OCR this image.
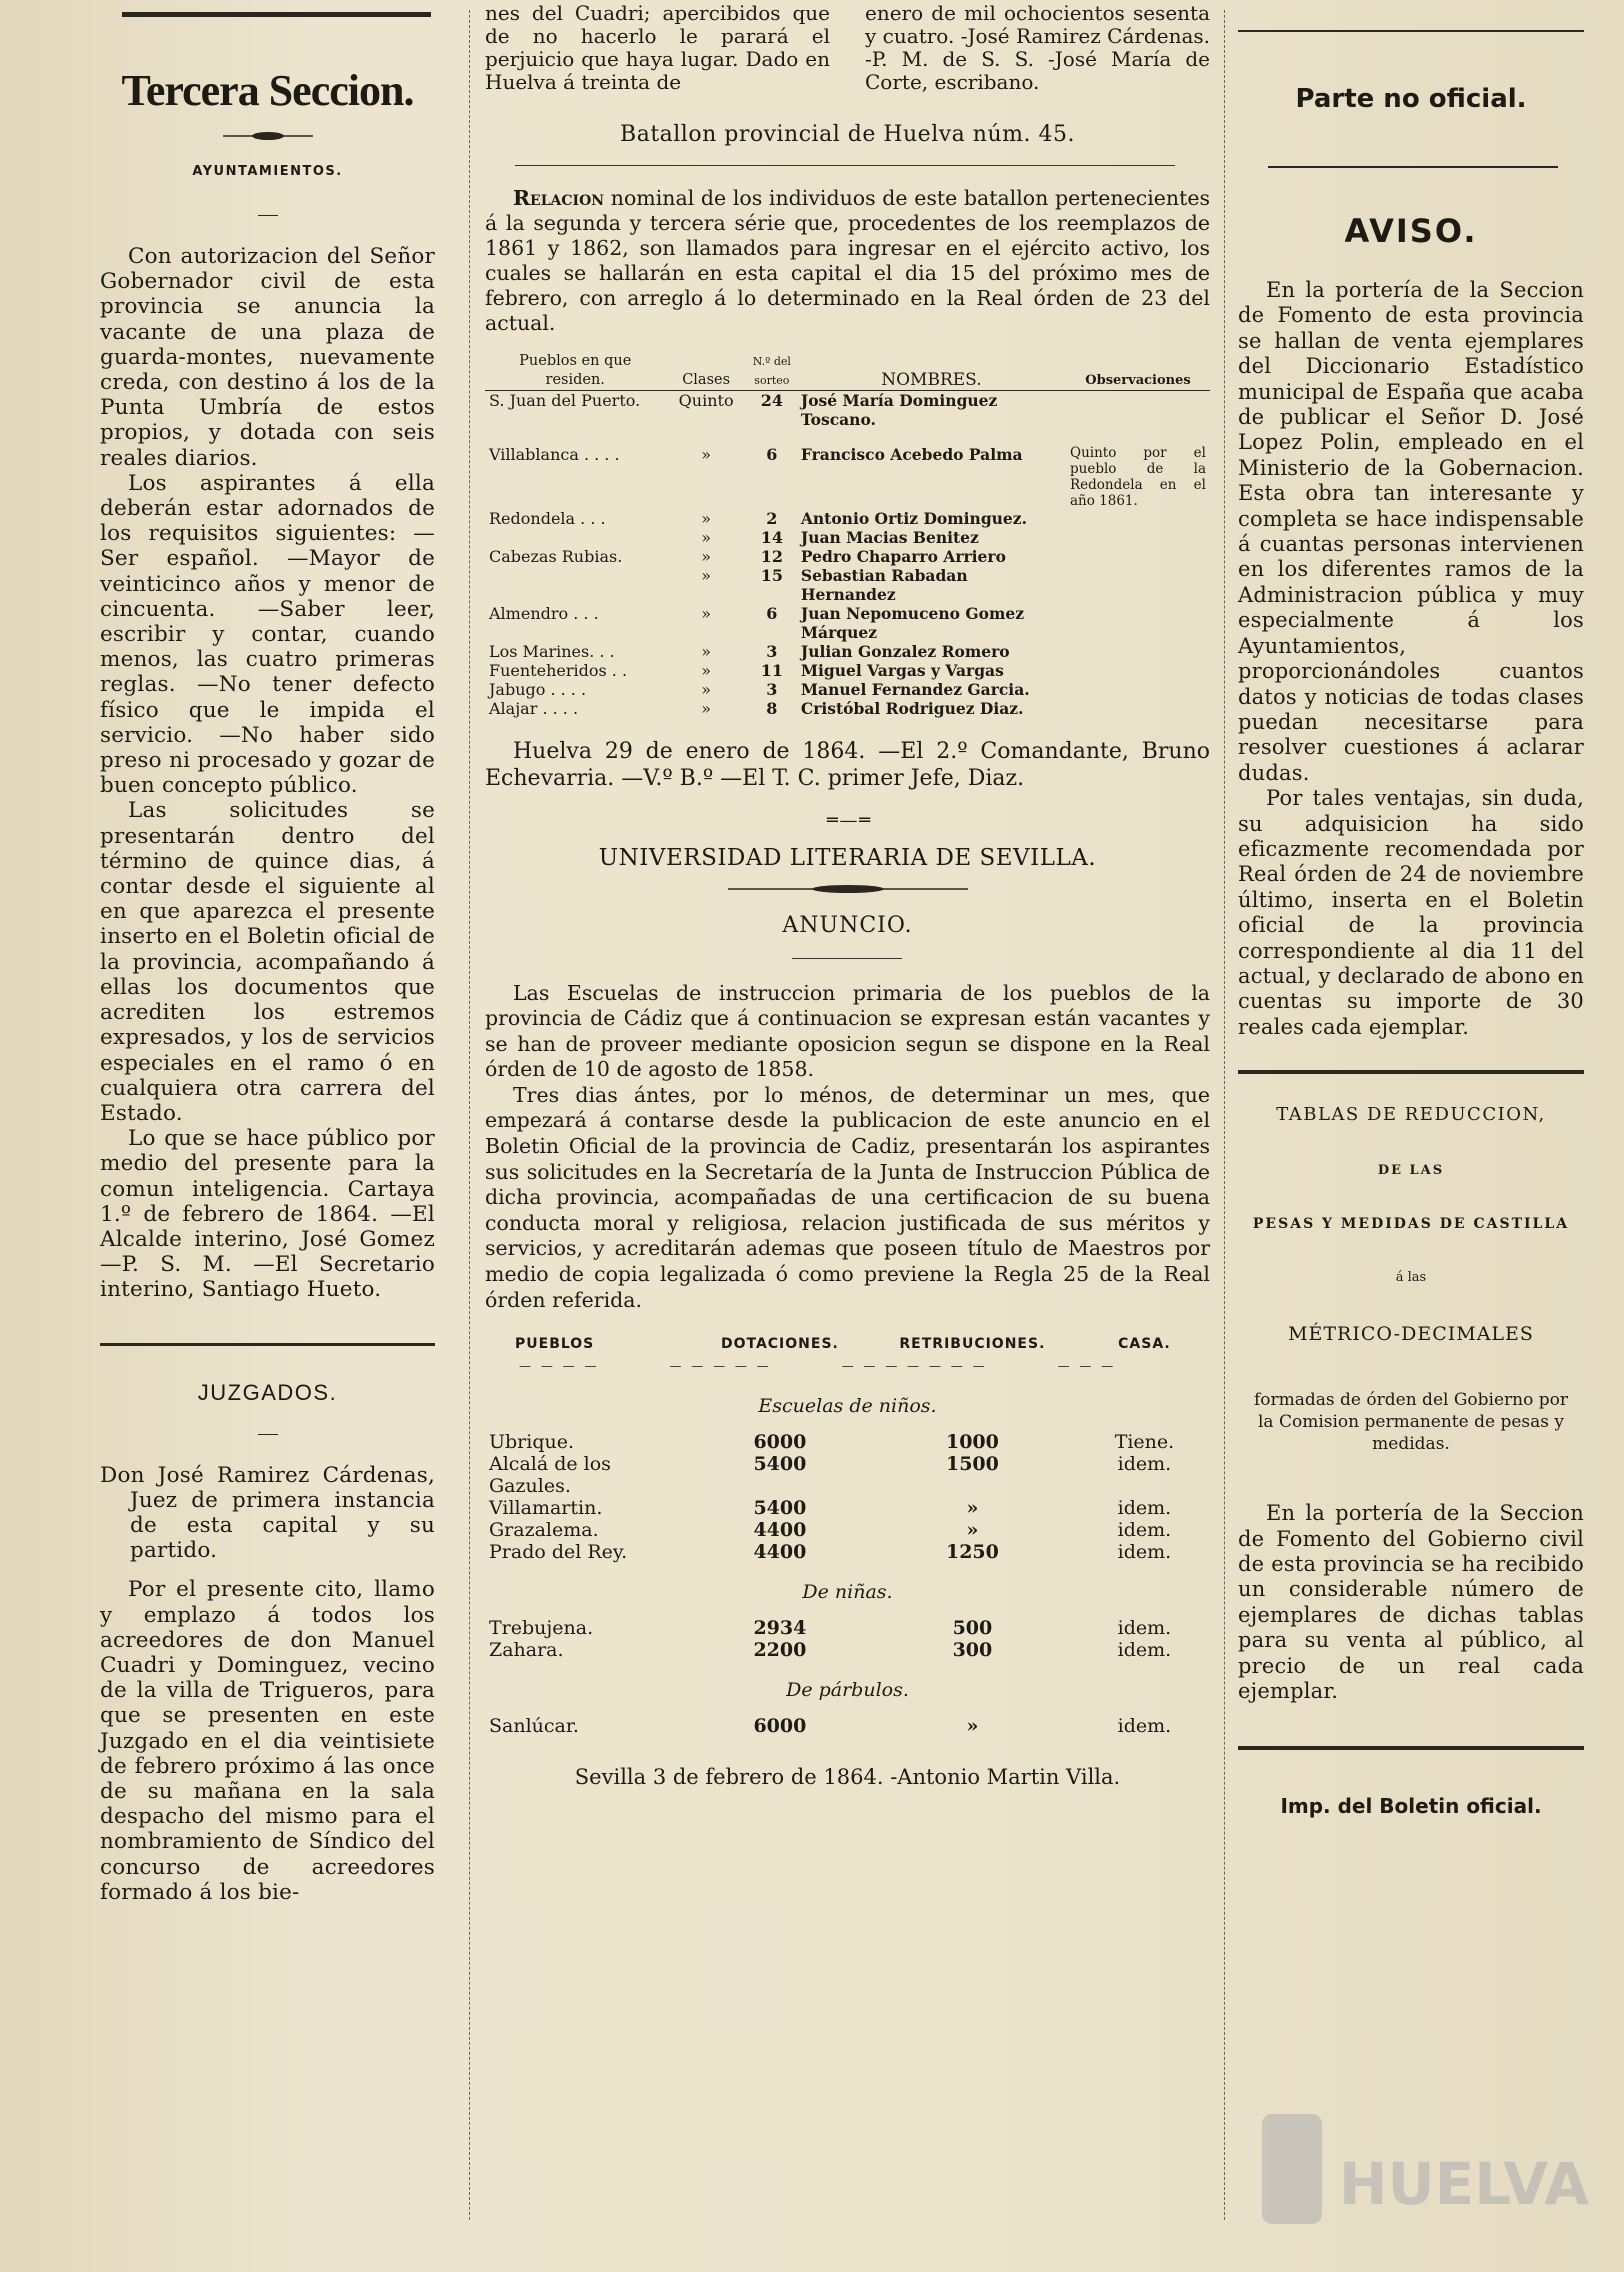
Tercera Seccion.
AYUNTAMIENTOS.

Con autorizacion del Señor Gobernador civil de esta provincia se anuncia la vacante de una plaza de guarda-montes, nuevamente creda, con destino á los de la Punta Umbría de estos propios, y dotada con seis reales diarios.

Los aspirantes á ella deberán estar adornados de los requisitos siguientes: —Ser español. —Mayor de veinticinco años y menor de cincuenta. —Saber leer, escribir y contar, cuando menos, las cuatro primeras reglas. —No tener defecto físico que le impida el servicio. —No haber sido preso ni procesado y gozar de buen concepto público.

Las solicitudes se presentarán dentro del término de quince dias, á contar desde el siguiente al en que aparezca el presente inserto en el Boletin oficial de la provincia, acompañando á ellas los documentos que acrediten los estremos expresados, y los de servicios especiales en el ramo ó en cualquiera otra carrera del Estado.

Lo que se hace público por medio del presente para la comun inteligencia. Cartaya 1.º de febrero de 1864. —El Alcalde interino, José Gomez —P. S. M. —El Secretario interino, Santiago Hueto.

JUZGADOS.

Don José Ramirez Cárdenas, Juez de primera instancia de esta capital y su partido.

Por el presente cito, llamo y emplazo á todos los acreedores de don Manuel Cuadri y Dominguez, vecino de la villa de Trigueros, para que se presenten en este Juzgado en el dia veintisiete de febrero próximo á las once de su mañana en la sala despacho del mismo para el nombramiento de Síndico del concurso de acreedores formado á los bie-

nes del Cuadri; apercibidos que de no hacerlo le parará el perjuicio que haya lugar. Dado en Huelva á treinta de

enero de mil ochocientos sesenta y cuatro. -José Ramirez Cárdenas. -P. M. de S. S. -José María de Corte, escribano.

Batallon provincial de Huelva núm. 45.

Relacion nominal de los individuos de este batallon pertenecientes á la segunda y tercera série que, procedentes de los reemplazos de 1861 y 1862, son llamados para ingresar en el ejército activo, los cuales se hallarán en esta capital el dia 15 del próximo mes de febrero, con arreglo á lo determinado en la Real órden de 23 del actual.

Pueblos en que residen.	Clases	N.º del sorteo	NOMBRES.	Observaciones
S. Juan del Puerto.	Quinto	24	José María Dominguez Toscano.	
Villablanca . . . .	»	6	Francisco Acebedo Palma	Quinto por el pueblo de la Redondela en el año 1861.
Redondela . . .	»	2	Antonio Ortiz Dominguez.	
	»	14	Juan Macias Benitez	
Cabezas Rubias.	»	12	Pedro Chaparro Arriero	
	»	15	Sebastian Rabadan Hernandez	
Almendro . . .	»	6	Juan Nepomuceno Gomez Márquez	
Los Marines. . .	»	3	Julian Gonzalez Romero	
Fuenteheridos . .	»	11	Miguel Vargas y Vargas	
Jabugo . . . .	»	3	Manuel Fernandez Garcia.	
Alajar . . . .	»	8	Cristóbal Rodriguez Diaz.	

Huelva 29 de enero de 1864. —El 2.º Comandante, Bruno Echevarria. —V.º B.º —El T. C. primer Jefe, Diaz.

═ — ═
UNIVERSIDAD LITERARIA DE SEVILLA.
ANUNCIO.

Las Escuelas de instruccion primaria de los pueblos de la provincia de Cádiz que á continuacion se expresan están vacantes y se han de proveer mediante oposicion segun se dispone en la Real órden de 10 de agosto de 1858.

Tres dias ántes, por lo ménos, de determinar un mes, que empezará á contarse desde la publicacion de este anuncio en el Boletin Oficial de la provincia de Cadiz, presentarán los aspirantes sus solicitudes en la Secretaría de la Junta de Instruccion Pública de dicha provincia, acompañadas de una certificacion de su buena conducta moral y religiosa, relacion justificada de sus méritos y servicios, y acreditarán ademas que poseen título de Maestros por medio de copia legalizada ó como previene la Regla 25 de la Real órden referida.

PUEBLOS	DOTACIONES.	RETRIBUCIONES.	CASA.

— — — — — — — — — — — — — — — — — — —			

Escuelas de niños.			
Ubrique.	6000	1000	Tiene.
Alcalá de los Gazules.	5400	1500	idem.
Villamartin.	5400	»	idem.
Grazalema.	4400	»	idem.
Prado del Rey.	4400	1250	idem.
De niñas.			
Trebujena.	2934	500	idem.
Zahara.	2200	300	idem.
De párbulos.			
Sanlúcar.	6000	»	idem.
Sevilla 3 de febrero de 1864. -Antonio Martin Villa.
Parte no oficial.
AVISO.

En la portería de la Seccion de Fomento de esta provincia se hallan de venta ejemplares del Diccionario Estadístico municipal de España que acaba de publicar el Señor D. José Lopez Polin, empleado en el Ministerio de la Gobernacion. Esta obra tan interesante y completa se hace indispensable á cuantas personas intervienen en los diferentes ramos de la Administracion pública y muy especialmente á los Ayuntamientos, proporcionándoles cuantos datos y noticias de todas clases puedan necesitarse para resolver cuestiones á aclarar dudas.

Por tales ventajas, sin duda, su adquisicion ha sido eficazmente recomendada por Real órden de 24 de noviembre último, inserta en el Boletin oficial de la provincia correspondiente al dia 11 del actual, y declarado de abono en cuentas su importe de 30 reales cada ejemplar.

TABLAS DE REDUCCION,
DE LAS
PESAS Y MEDIDAS DE CASTILLA
á las
MÉTRICO-DECIMALES
formadas de órden del Gobierno por la Comision permanente de pesas y medidas.

En la portería de la Seccion de Fomento del Gobierno civil de esta provincia se ha recibido un considerable número de ejemplares de dichas tablas para su venta al público, al precio de un real cada ejemplar.

Imp. del Boletin oficial.
HUELVA
